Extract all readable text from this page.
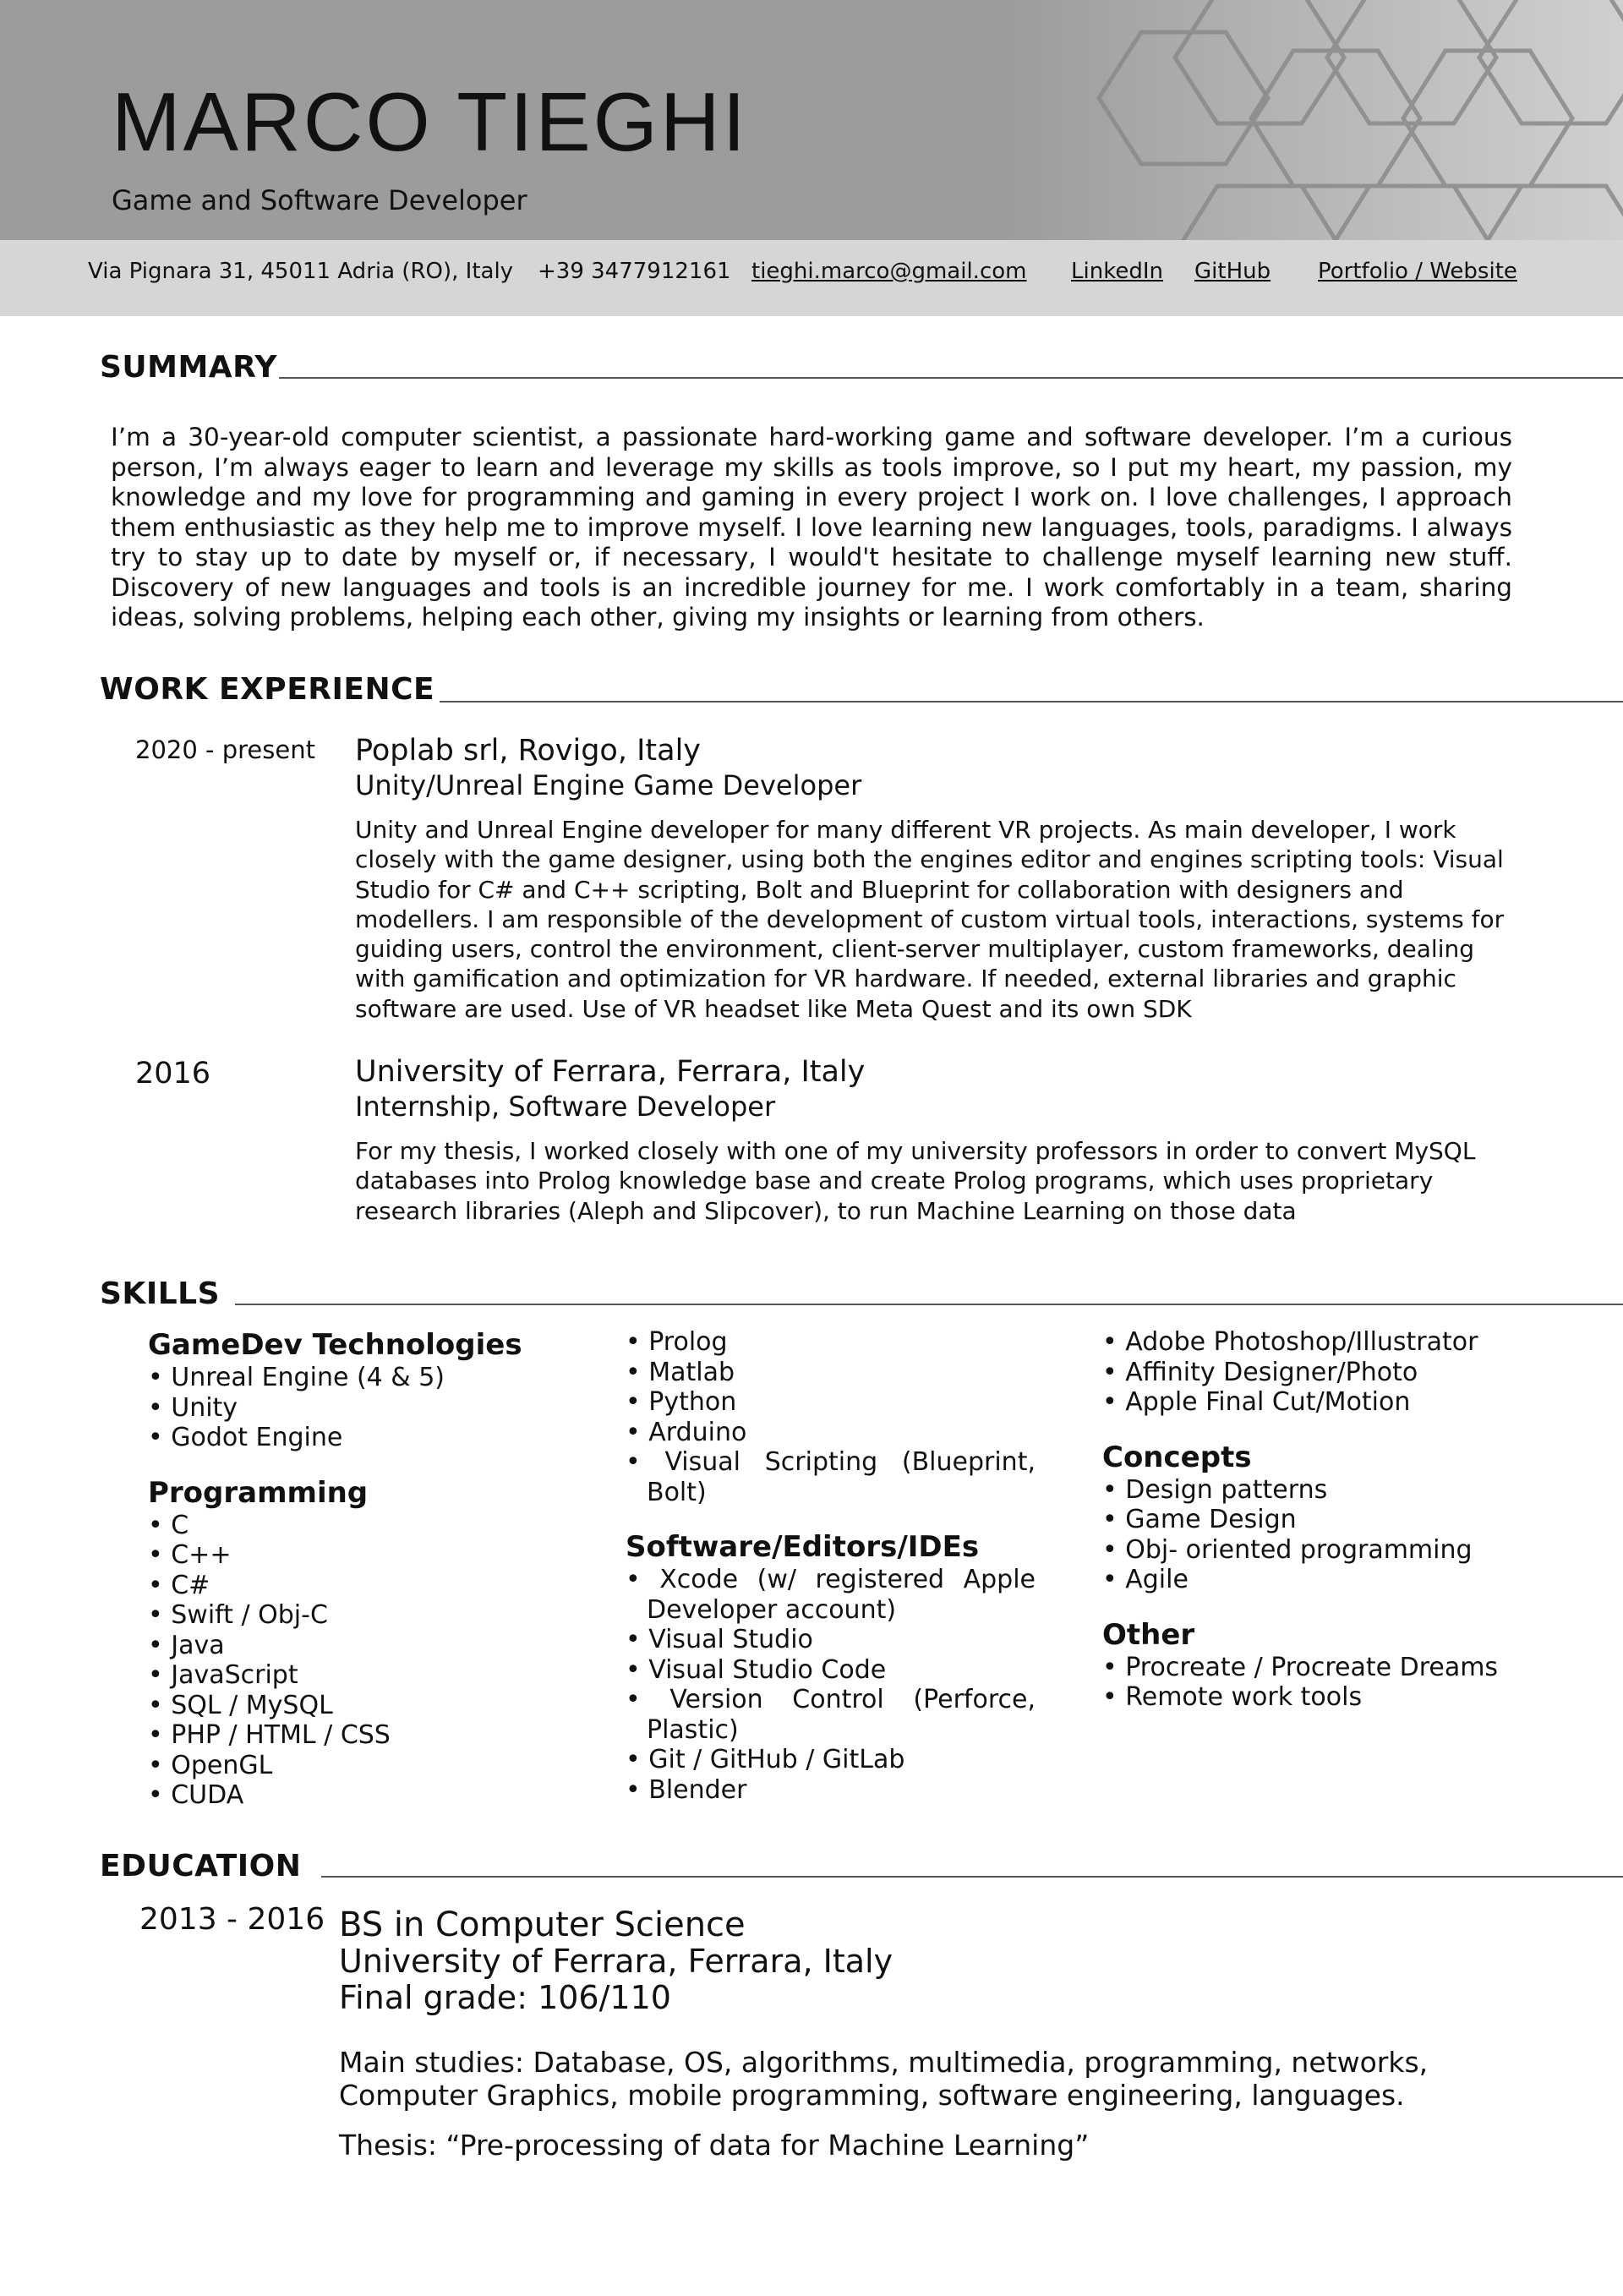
MARCO TIEGHI
Game and Software Developer
Via Pignara 31, 45011 Adria (RO), Italy +39 3477912161 tieghi.marco@gmail.com LinkedIn GitHub Portfolio / Website
SUMMARY
I’m a 30-year-old computer scientist, a passionate hard-working game and software developer. I’m a curious person, I’m always eager to learn and leverage my skills as tools improve, so I put my heart, my passion, my knowledge and my love for programming and gaming in every project I work on. I love challenges, I approach them enthusiastic as they help me to improve myself. I love learning new languages, tools, paradigms. I always try to stay up to date by myself or, if necessary, I would't hesitate to challenge myself learning new stuff. Discovery of new languages and tools is an incredible journey for me. I work comfortably in a team, sharing ideas, solving problems, helping each other, giving my insights or learning from others.
WORK EXPERIENCE
2020 - present Poplab srl, Rovigo, Italy
Unity/Unreal Engine Game Developer
Unity and Unreal Engine developer for many different VR projects. As main developer, I work closely with the game designer, using both the engines editor and engines scripting tools: Visual Studio for C# and C++ scripting, Bolt and Blueprint for collaboration with designers and modellers. I am responsible of the development of custom virtual tools, interactions, systems for guiding users, control the environment, client-server multiplayer, custom frameworks, dealing with gamification and optimization for VR hardware. If needed, external libraries and graphic software are used. Use of VR headset like Meta Quest and its own SDK
2016	University of Ferrara, Ferrara, Italy
Internship, Software Developer
For my thesis, I worked closely with one of my university professors in order to convert MySQL databases into Prolog knowledge base and create Prolog programs, which uses proprietary research libraries (Aleph and Slipcover), to run Machine Learning on those data
SKILLS
GameDev Technologies
• Unreal Engine (4 & 5)
• Unity
• Godot Engine
Programming
• C
• C++
• C#
• Swift / Obj-C
• Java
• JavaScript
• SQL / MySQL
• PHP / HTML / CSS
• OpenGL
• CUDA
• Prolog
• Matlab
• Python
• Arduino
• Visual Scripting (Blueprint, Bolt)
Software/Editors/IDEs
• Xcode (w/ registered Apple Developer account)
• Visual Studio
• Visual Studio Code
• Version Control (Perforce, Plastic)
• Git / GitHub / GitLab
• Blender
• Adobe Photoshop/Illustrator
• Affinity Designer/Photo
• Apple Final Cut/Motion
Concepts
• Design patterns
• Game Design
• Obj- oriented programming
• Agile
Other
• Procreate / Procreate Dreams
• Remote work tools
EDUCATION
2013 - 2016 BS in Computer Science
University of Ferrara, Ferrara, Italy
Final grade: 106/110
Main studies: Database, OS, algorithms, multimedia, programming, networks, Computer Graphics, mobile programming, software engineering, languages.
Thesis: “Pre-processing of data for Machine Learning”
